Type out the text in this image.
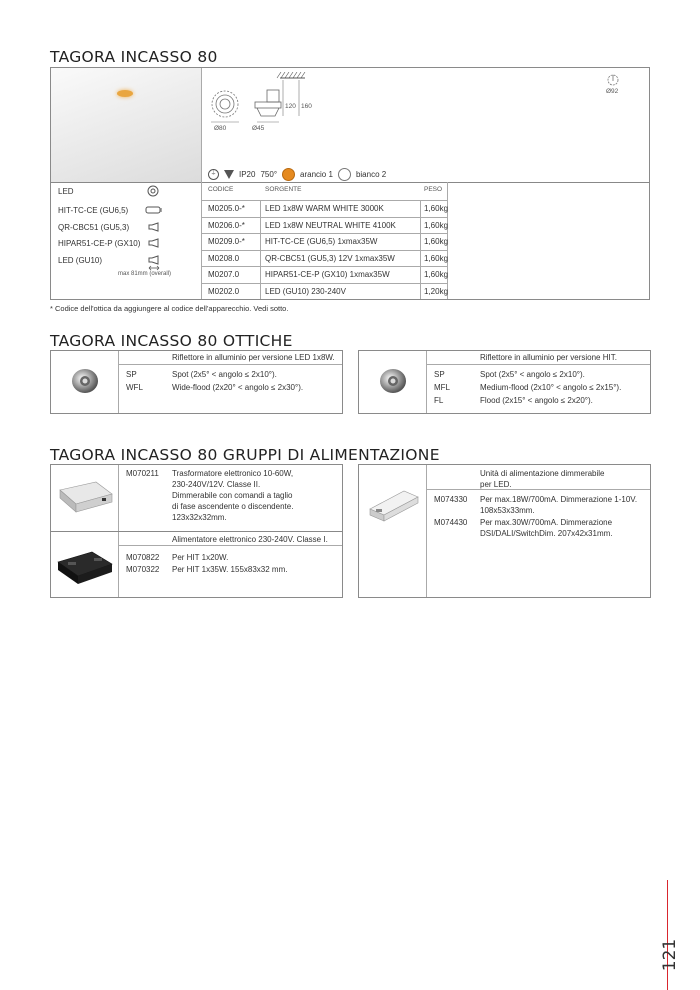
TAGORA INCASSO 80
Ø80	Ø45
120 160
Ø92
⏚	IP20 750°	arancio 1	bianco 2
LED
HIT-TC-CE (GU6,5)
QR-CBC51 (GU5,3)
HIPAR51-CE-P (GX10)
LED (GU10)
max 81mm (overall)
CODICE	SORGENTE	PESO
M0205.0-*	LED 1x8W WARM WHITE 3000K	1,60kg
M0206.0-*	LED 1x8W NEUTRAL WHITE 4100K	1,60kg
M0209.0-*	HIT-TC-CE (GU6,5) 1xmax35W	1,60kg
M0208.0	QR-CBC51 (GU5,3) 12V 1xmax35W	1,60kg
M0207.0	HIPAR51-CE-P (GX10) 1xmax35W	1,60kg
M0202.0	LED (GU10) 230-240V	1,20kg
* Codice dell'ottica da aggiungere al codice dell'apparecchio. Vedi sotto.
TAGORA INCASSO 80 OTTICHE
Riflettore in alluminio per versione LED 1x8W.
SP	Spot (2x5° < angolo ≤ 2x10°).
WFL	Wide-flood (2x20° < angolo ≤ 2x30°).
Riflettore in alluminio per versione HIT.
SP	Spot (2x5° < angolo ≤ 2x10°).
MFL	Medium-flood (2x10° < angolo ≤ 2x15°).
FL	Flood (2x15° < angolo ≤ 2x20°).
TAGORA INCASSO 80 GRUPPI DI ALIMENTAZIONE
M070211 Trasformatore elettronico 10-60W,
230-240V/12V. Classe II.
Dimmerabile con comandi a taglio
di fase ascendente o discendente.
123x32x32mm.
Alimentatore elettronico 230-240V. Classe I.
M070822 Per HIT 1x20W.
M070322 Per HIT 1x35W. 155x83x32 mm.
Unità di alimentazione dimmerabile
per LED.
M074330 Per max.18W/700mA. Dimmerazione 1-10V.
108x53x33mm.
M074430 Per max.30W/700mA. Dimmerazione
DSI/DALI/SwitchDim. 207x42x31mm.
121
